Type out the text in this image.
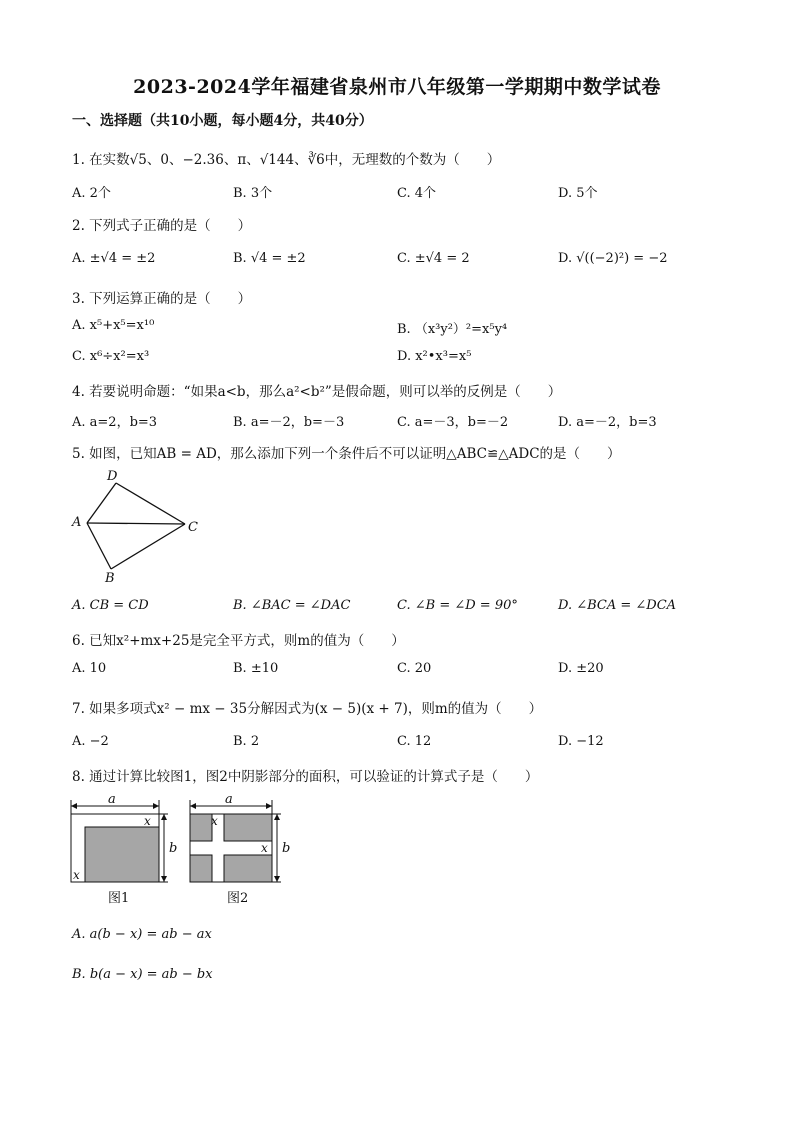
2023-2024学年福建省泉州市八年级第一学期期中数学试卷
一、选择题（共10小题，每小题4分，共40分）
1. 在实数√5、0、−2.36、π、√144、∛6中，无理数的个数为（　　）
A. 2个	B. 3个	C. 4个	D. 5个
2. 下列式子正确的是（　　）
A. ±√4 = ±2	B. √4 = ±2	C. ±√4 = 2	D. √((−2)²) = −2
3. 下列运算正确的是（　　）
A. x⁵+x⁵=x¹⁰	B. （x³y²）²=x⁵y⁴
C. x⁶÷x²=x³	D. x²•x³=x⁵
4. 若要说明命题：“如果a<b，那么a²<b²”是假命题，则可以举的反例是（　　）
A. a=2，b=3	B. a=－2，b=－3	C. a=－3，b=－2	D. a=－2，b=3
5. 如图，已知AB = AD，那么添加下列一个条件后不可以证明△ABC≌△ADC的是（　　）
D
A	C
B
A. CB = CD	B. ∠BAC = ∠DAC	C. ∠B = ∠D = 90°	D. ∠BCA = ∠DCA
6. 已知x²+mx+25是完全平方式，则m的值为（　　）
A. 10	B. ±10	C. 20	D. ±20
7. 如果多项式x² − mx − 35分解因式为(x − 5)(x + 7)，则m的值为（　　）
A. −2	B. 2	C. 12	D. −12
8. 通过计算比较图1，图2中阴影部分的面积，可以验证的计算式子是（　　）
a
x
x
b
图1
a
x
x b
图2
A. a(b − x) = ab − ax
B. b(a − x) = ab − bx
